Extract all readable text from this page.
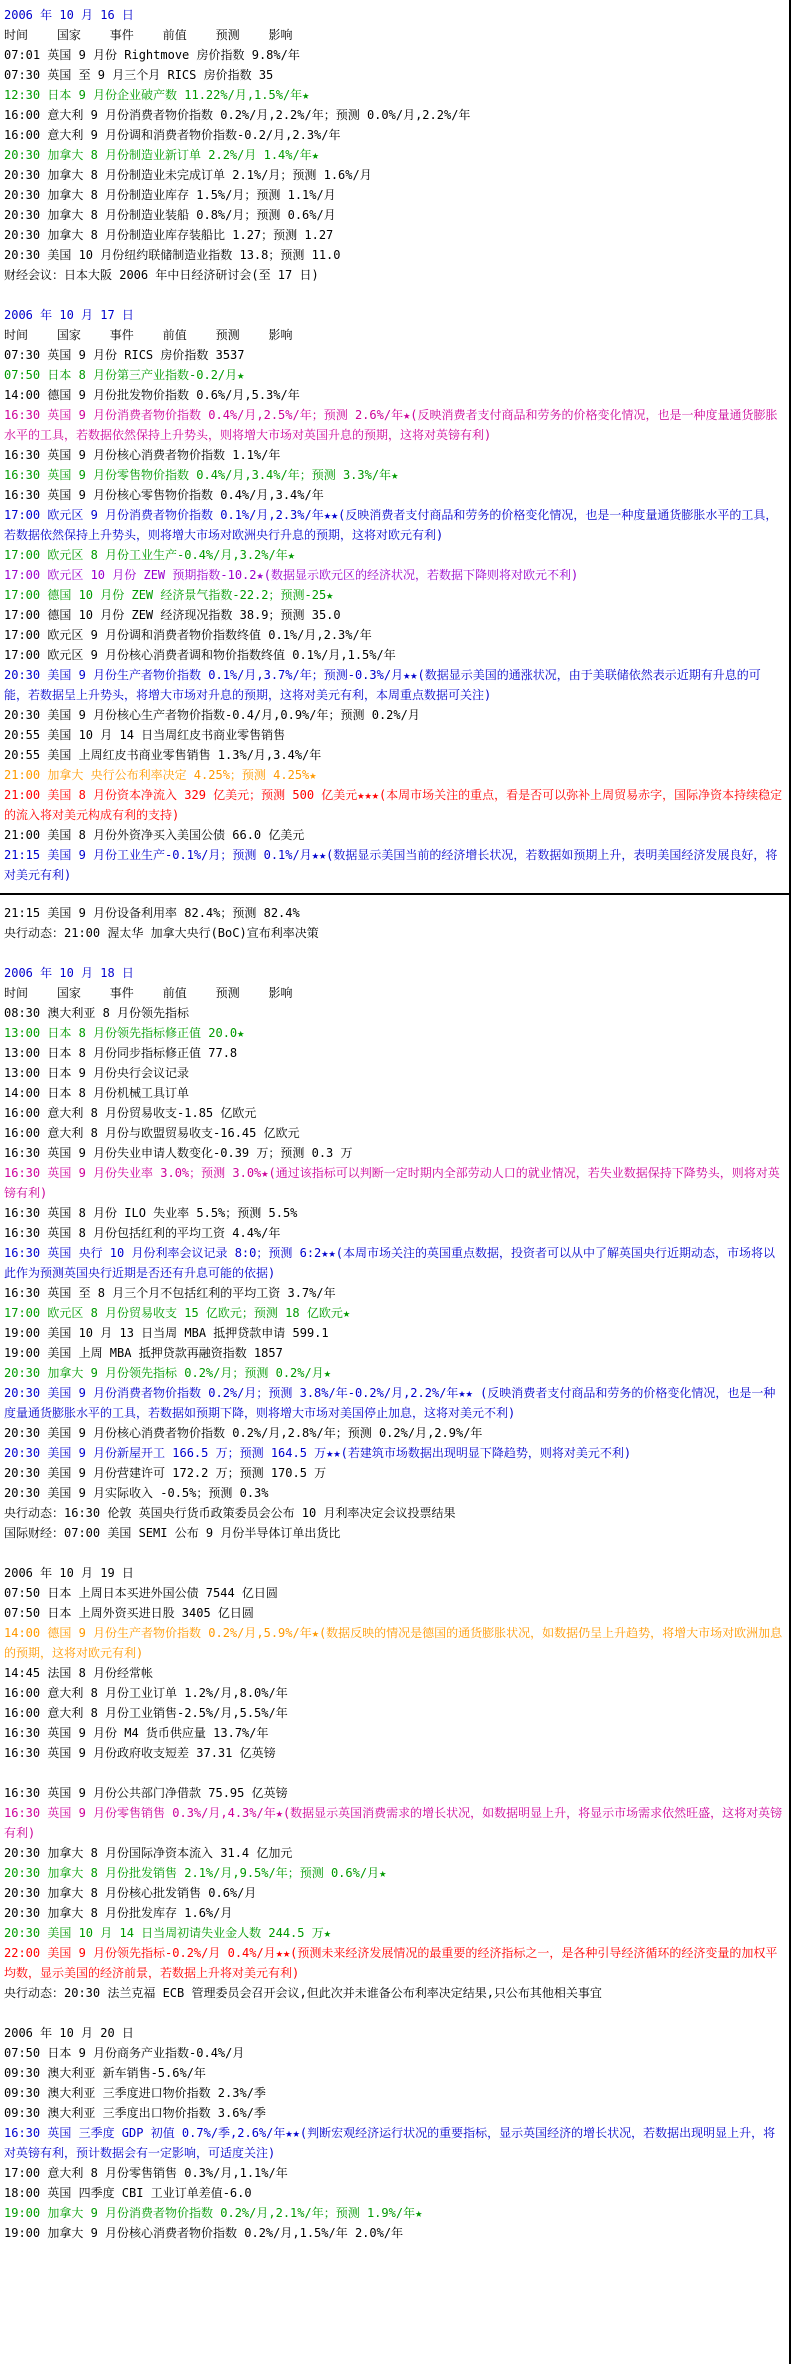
2006 年 10 月 16 日
时间    国家    事件    前值    预测    影响
07:01 英国 9 月份 Rightmove 房价指数 9.8%/年
07:30 英国 至 9 月三个月 RICS 房价指数 35
12:30 日本 9 月份企业破产数 11.22%/月,1.5%/年★
16:00 意大利 9 月份消费者物价指数 0.2%/月,2.2%/年；预测 0.0%/月,2.2%/年
16:00 意大利 9 月份调和消费者物价指数-0.2/月,2.3%/年
20:30 加拿大 8 月份制造业新订单 2.2%/月 1.4%/年★
20:30 加拿大 8 月份制造业未完成订单 2.1%/月；预测 1.6%/月
20:30 加拿大 8 月份制造业库存 1.5%/月；预测 1.1%/月
20:30 加拿大 8 月份制造业装船 0.8%/月；预测 0.6%/月
20:30 加拿大 8 月份制造业库存装船比 1.27；预测 1.27
20:30 美国 10 月份纽约联储制造业指数 13.8；预测 11.0
财经会议：日本大阪 2006 年中日经济研讨会(至 17 日)
2006 年 10 月 17 日
时间    国家    事件    前值    预测    影响
07:30 英国 9 月份 RICS 房价指数 3537
07:50 日本 8 月份第三产业指数-0.2/月★
14:00 德国 9 月份批发物价指数 0.6%/月,5.3%/年
16:30 英国 9 月份消费者物价指数 0.4%/月,2.5%/年；预测 2.6%/年★(反映消费者支付商品和劳务的价格变化情况，也是一种度量通货膨胀水平的工具，若数据依然保持上升势头，则将增大市场对英国升息的预期，这将对英镑有利)
16:30 英国 9 月份核心消费者物价指数 1.1%/年
16:30 英国 9 月份零售物价指数 0.4%/月,3.4%/年；预测 3.3%/年★
16:30 英国 9 月份核心零售物价指数 0.4%/月,3.4%/年
17:00 欧元区 9 月份消费者物价指数 0.1%/月,2.3%/年★★(反映消费者支付商品和劳务的价格变化情况，也是一种度量通货膨胀水平的工具，若数据依然保持上升势头，则将增大市场对欧洲央行升息的预期，这将对欧元有利)
17:00 欧元区 8 月份工业生产-0.4%/月,3.2%/年★
17:00 欧元区 10 月份 ZEW 预期指数-10.2★(数据显示欧元区的经济状况，若数据下降则将对欧元不利)
17:00 德国 10 月份 ZEW 经济景气指数-22.2；预测-25★
17:00 德国 10 月份 ZEW 经济现况指数 38.9；预测 35.0
17:00 欧元区 9 月份调和消费者物价指数终值 0.1%/月,2.3%/年
17:00 欧元区 9 月份核心消费者调和物价指数终值 0.1%/月,1.5%/年
20:30 美国 9 月份生产者物价指数 0.1%/月,3.7%/年；预测-0.3%/月★★(数据显示美国的通涨状况，由于美联储依然表示近期有升息的可能，若数据呈上升势头，将增大市场对升息的预期，这将对美元有利，本周重点数据可关注)
20:30 美国 9 月份核心生产者物价指数-0.4/月,0.9%/年；预测 0.2%/月
20:55 美国 10 月 14 日当周红皮书商业零售销售
20:55 美国 上周红皮书商业零售销售 1.3%/月,3.4%/年
21:00 加拿大 央行公布利率决定 4.25%；预测 4.25%★
21:00 美国 8 月份资本净流入 329 亿美元；预测 500 亿美元★★★(本周市场关注的重点，看是否可以弥补上周贸易赤字，国际净资本持续稳定的流入将对美元构成有利的支持)
21:00 美国 8 月份外资净买入美国公债 66.0 亿美元
21:15 美国 9 月份工业生产-0.1%/月；预测 0.1%/月★★(数据显示美国当前的经济增长状况，若数据如预期上升，表明美国经济发展良好，将对美元有利)
21:15 美国 9 月份设备利用率 82.4%；预测 82.4%
央行动态：21:00 渥太华 加拿大央行(BoC)宣布利率决策
2006 年 10 月 18 日
时间    国家    事件    前值    预测    影响
08:30 澳大利亚 8 月份领先指标
13:00 日本 8 月份领先指标修正值 20.0★
13:00 日本 8 月份同步指标修正值 77.8
13:00 日本 9 月份央行会议记录
14:00 日本 8 月份机械工具订单
16:00 意大利 8 月份贸易收支-1.85 亿欧元
16:00 意大利 8 月份与欧盟贸易收支-16.45 亿欧元
16:30 英国 9 月份失业申请人数变化-0.39 万；预测 0.3 万
16:30 英国 9 月份失业率 3.0%；预测 3.0%★(通过该指标可以判断一定时期内全部劳动人口的就业情况，若失业数据保持下降势头，则将对英镑有利)
16:30 英国 8 月份 ILO 失业率 5.5%；预测 5.5%
16:30 英国 8 月份包括红利的平均工资 4.4%/年
16:30 英国 央行 10 月份利率会议记录 8:0；预测 6:2★★(本周市场关注的英国重点数据，投资者可以从中了解英国央行近期动态，市场将以此作为预测英国央行近期是否还有升息可能的依据)
16:30 英国 至 8 月三个月不包括红利的平均工资 3.7%/年
17:00 欧元区 8 月份贸易收支 15 亿欧元；预测 18 亿欧元★
19:00 美国 10 月 13 日当周 MBA 抵押贷款申请 599.1
19:00 美国 上周 MBA 抵押贷款再融资指数 1857
20:30 加拿大 9 月份领先指标 0.2%/月；预测 0.2%/月★
20:30 美国 9 月份消费者物价指数 0.2%/月；预测 3.8%/年-0.2%/月,2.2%/年★★ (反映消费者支付商品和劳务的价格变化情况，也是一种度量通货膨胀水平的工具，若数据如预期下降，则将增大市场对美国停止加息，这将对美元不利)
20:30 美国 9 月份核心消费者物价指数 0.2%/月,2.8%/年；预测 0.2%/月,2.9%/年
20:30 美国 9 月份新屋开工 166.5 万；预测 164.5 万★★(若建筑市场数据出现明显下降趋势，则将对美元不利)
20:30 美国 9 月份营建许可 172.2 万；预测 170.5 万
20:30 美国 9 月实际收入 -0.5%；预测 0.3%
央行动态：16:30 伦敦 英国央行货币政策委员会公布 10 月利率决定会议投票结果
国际财经：07:00 美国 SEMI 公布 9 月份半导体订单出货比
2006 年 10 月 19 日
07:50 日本 上周日本买进外国公债 7544 亿日圆
07:50 日本 上周外资买进日股 3405 亿日圆
14:00 德国 9 月份生产者物价指数 0.2%/月,5.9%/年★(数据反映的情况是德国的通货膨胀状况，如数据仍呈上升趋势，将增大市场对欧洲加息的预期，这将对欧元有利)
14:45 法国 8 月份经常帐
16:00 意大利 8 月份工业订单 1.2%/月,8.0%/年
16:00 意大利 8 月份工业销售-2.5%/月,5.5%/年
16:30 英国 9 月份 M4 货币供应量 13.7%/年
16:30 英国 9 月份政府收支短差 37.31 亿英镑
16:30 英国 9 月份公共部门净借款 75.95 亿英镑
16:30 英国 9 月份零售销售 0.3%/月,4.3%/年★(数据显示英国消费需求的增长状况，如数据明显上升，将显示市场需求依然旺盛，这将对英镑有利)
20:30 加拿大 8 月份国际净资本流入 31.4 亿加元
20:30 加拿大 8 月份批发销售 2.1%/月,9.5%/年；预测 0.6%/月★
20:30 加拿大 8 月份核心批发销售 0.6%/月
20:30 加拿大 8 月份批发库存 1.6%/月
20:30 美国 10 月 14 日当周初请失业金人数 244.5 万★
22:00 美国 9 月份领先指标-0.2%/月 0.4%/月★★(预测未来经济发展情况的最重要的经济指标之一，是各种引导经济循环的经济变量的加权平均数，显示美国的经济前景，若数据上升将对美元有利)
央行动态：20:30 法兰克福 ECB 管理委员会召开会议,但此次并未谁备公布利率决定结果,只公布其他相关事宜
2006 年 10 月 20 日
07:50 日本 9 月份商务产业指数-0.4%/月
09:30 澳大利亚 新车销售-5.6%/年
09:30 澳大利亚 三季度进口物价指数 2.3%/季
09:30 澳大利亚 三季度出口物价指数 3.6%/季
16:30 英国 三季度 GDP 初值 0.7%/季,2.6%/年★★(判断宏观经济运行状况的重要指标，显示英国经济的增长状况，若数据出现明显上升，将对英镑有利，预计数据会有一定影响，可适度关注)
17:00 意大利 8 月份零售销售 0.3%/月,1.1%/年
18:00 英国 四季度 CBI 工业订单差值-6.0
19:00 加拿大 9 月份消费者物价指数 0.2%/月,2.1%/年；预测 1.9%/年★
19:00 加拿大 9 月份核心消费者物价指数 0.2%/月,1.5%/年 2.0%/年
